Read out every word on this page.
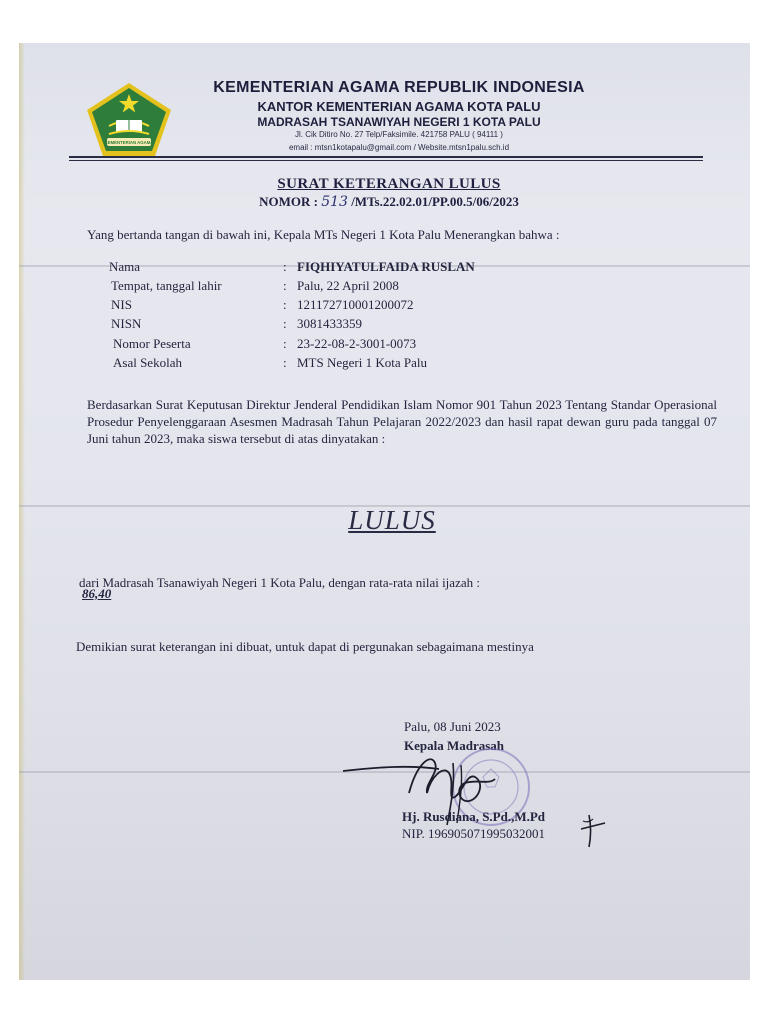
KEMENTERIAN AGAMA
KEMENTERIAN AGAMA REPUBLIK INDONESIA
KANTOR KEMENTERIAN AGAMA KOTA PALU
MADRASAH TSANAWIYAH NEGERI 1 KOTA PALU
Jl. Cik Ditiro No. 27 Telp/Faksimile. 421758 PALU ( 94111 )
email : mtsn1kotapalu@gmail.com / Website.mtsn1palu.sch.id
SURAT KETERANGAN LULUS
NOMOR : 513 /MTs.22.02.01/PP.00.5/06/2023
Yang bertanda tangan di bawah ini, Kepala MTs Negeri 1 Kota Palu Menerangkan bahwa :
Nama	: FIQHIYATULFAIDA RUSLAN
Tempat, tanggal lahir	: Palu, 22 April 2008
NIS	: 121172710001200072
NISN	: 3081433359
Nomor Peserta	: 23-22-08-2-3001-0073
Asal Sekolah	: MTS Negeri 1 Kota Palu
Berdasarkan Surat Keputusan Direktur Jenderal Pendidikan Islam Nomor 901 Tahun 2023 Tentang Standar Operasional Prosedur Penyelenggaraan Asesmen Madrasah Tahun Pelajaran 2022/2023 dan hasil rapat dewan guru pada tanggal 07 Juni tahun 2023, maka siswa tersebut di atas dinyatakan :
LULUS
dari Madrasah Tsanawiyah Negeri 1 Kota Palu, dengan rata-rata nilai ijazah :
86,40
Demikian surat keterangan ini dibuat, untuk dapat di pergunakan sebagaimana mestinya
Palu, 08 Juni 2023
Kepala Madrasah
Hj. Rusdiana, S.Pd.,M.Pd
NIP. 196905071995032001
